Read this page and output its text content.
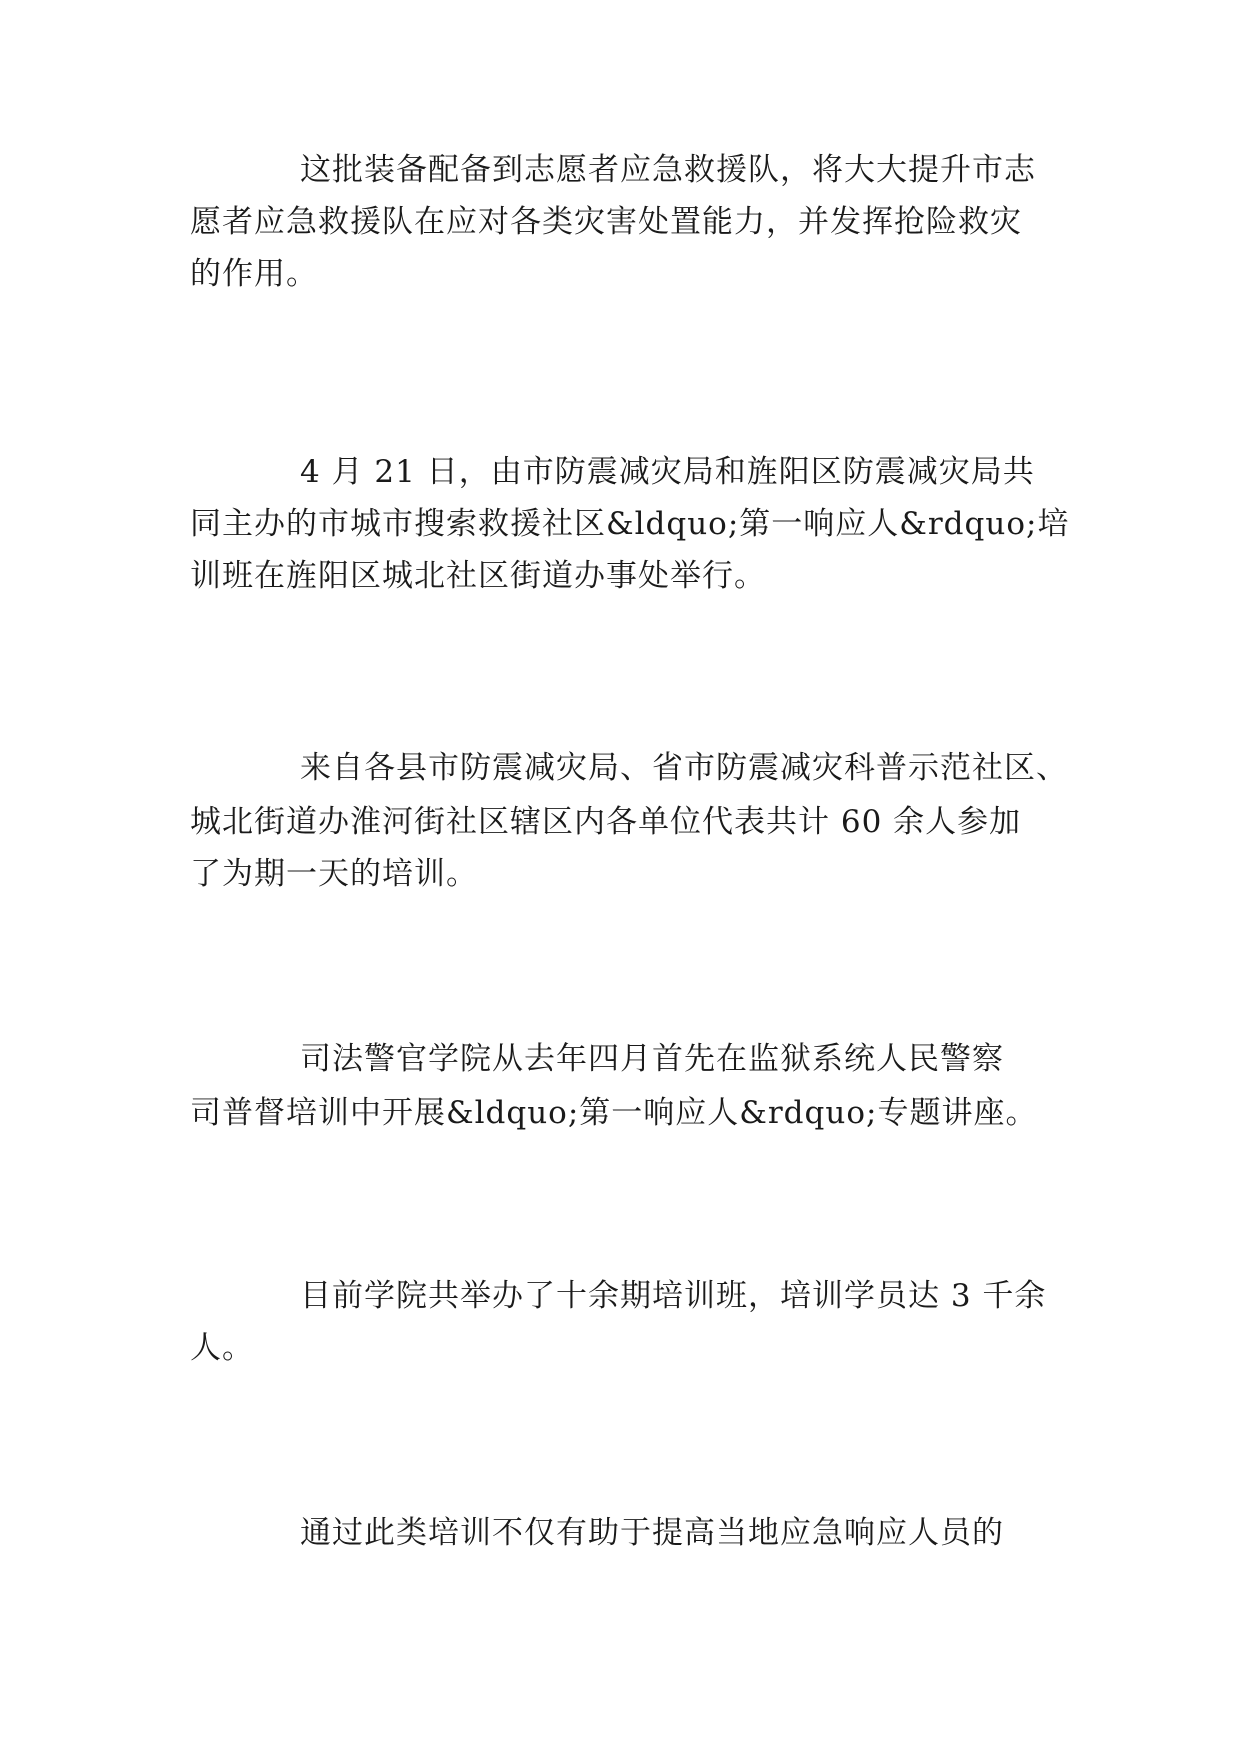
这批装备配备到志愿者应急救援队，将大大提升市志
愿者应急救援队在应对各类灾害处置能力，并发挥抢险救灾
的作用。
4 月 21 日，由市防震减灾局和旌阳区防震减灾局共
同主办的市城市搜索救援社区&ldquo;第一响应人&rdquo;培
训班在旌阳区城北社区街道办事处举行。
来自各县市防震减灾局、省市防震减灾科普示范社区、
城北街道办淮河街社区辖区内各单位代表共计 60 余人参加
了为期一天的培训。
司法警官学院从去年四月首先在监狱系统人民警察
司普督培训中开展&ldquo;第一响应人&rdquo;专题讲座。
目前学院共举办了十余期培训班，培训学员达 3 千余
人。
通过此类培训不仅有助于提高当地应急响应人员的
